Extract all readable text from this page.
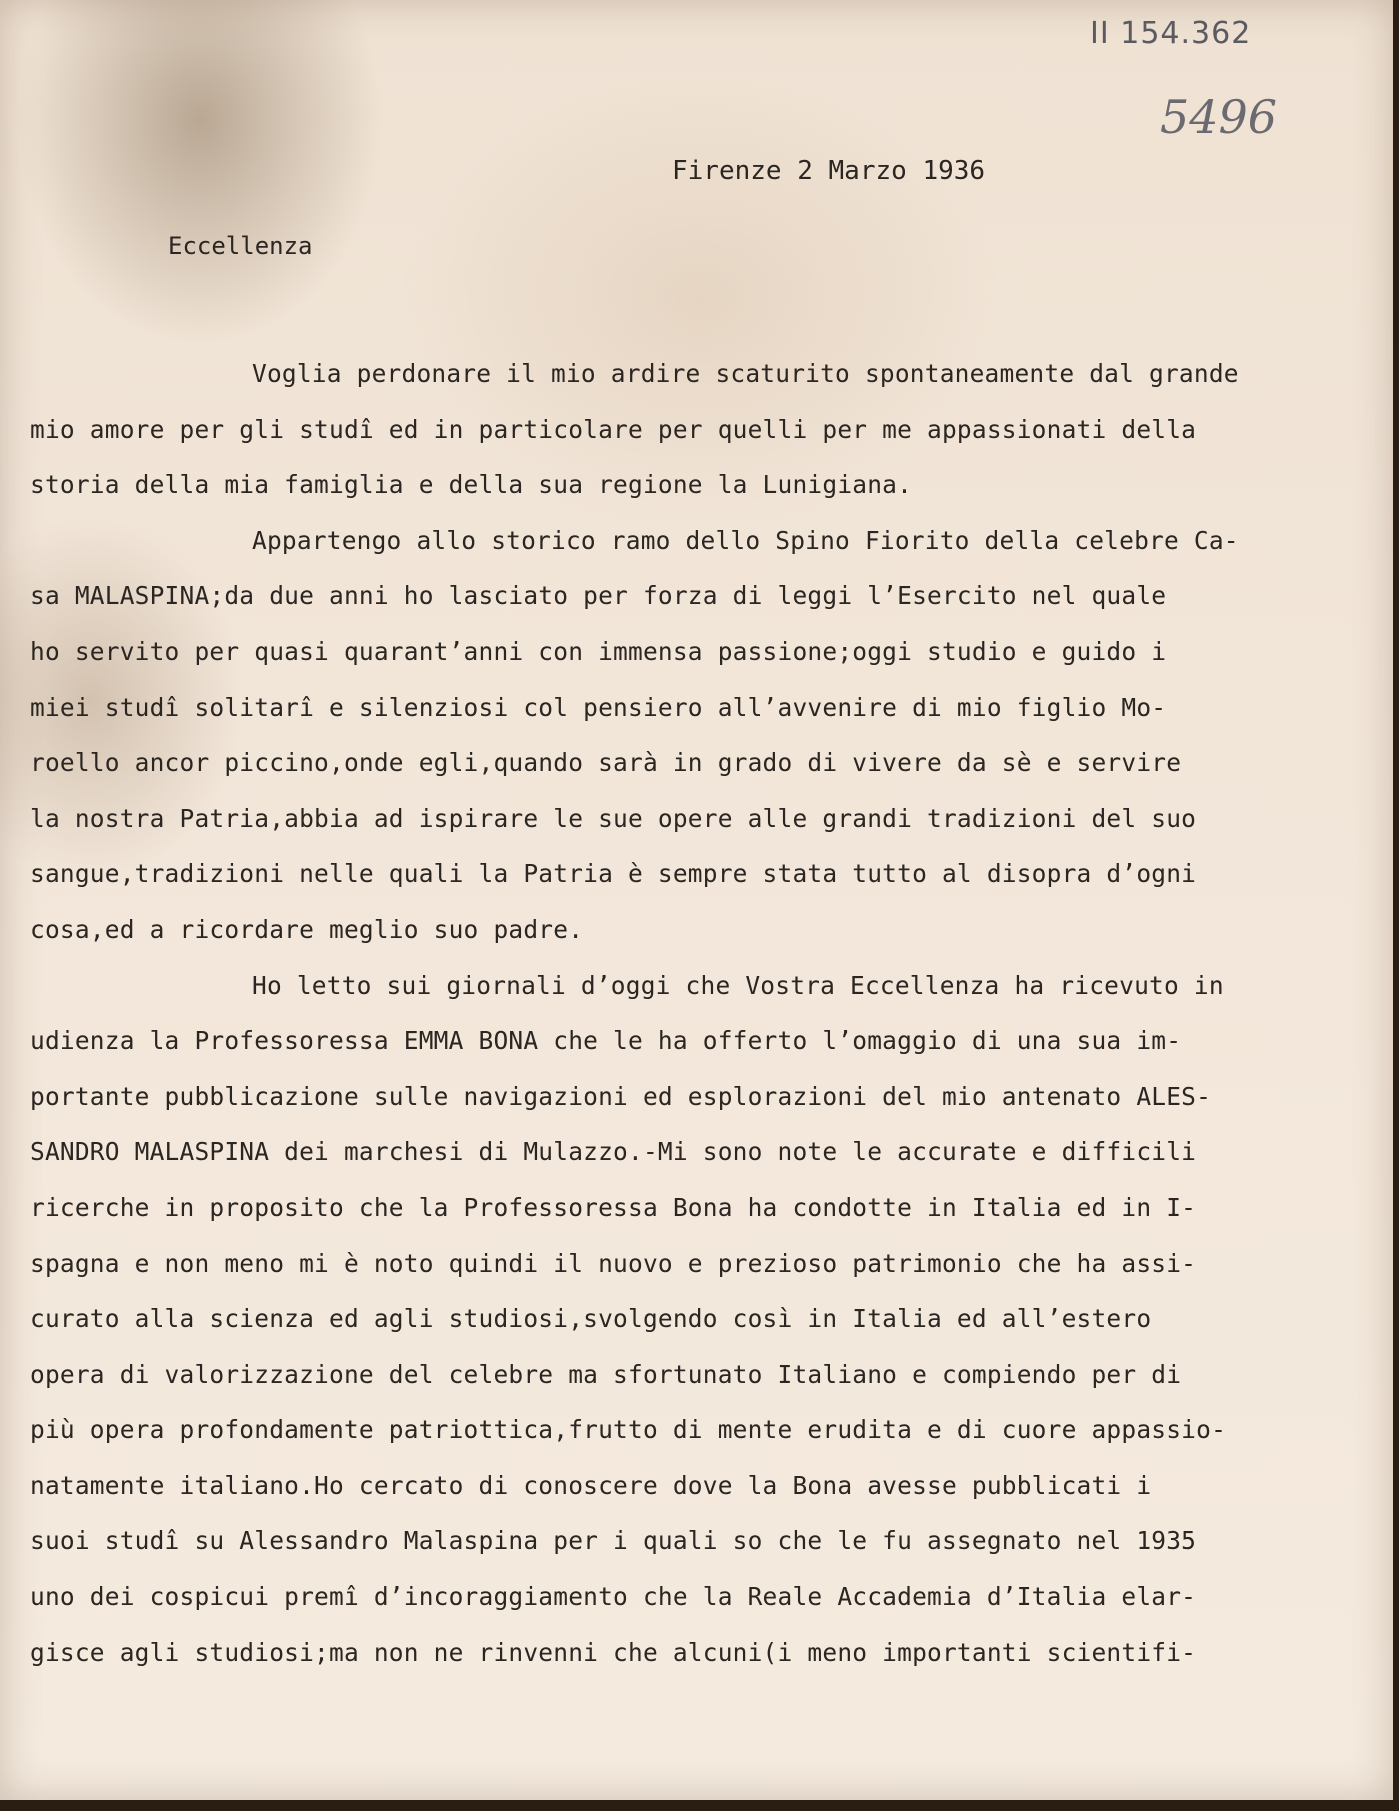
II 154.362
5496
Firenze 2 Marzo 1936
Eccellenza
Voglia perdonare il mio ardire scaturito spontaneamente dal grande
mio amore per gli studî ed in particolare per quelli per me appassionati della
storia della mia famiglia e della sua regione la Lunigiana.
Appartengo allo storico ramo dello Spino Fiorito della celebre Ca-
sa MALASPINA;da due anni ho lasciato per forza di leggi l’Esercito nel quale
ho servito per quasi quarant’anni con immensa passione;oggi studio e guido i
miei studî solitarî e silenziosi col pensiero all’avvenire di mio figlio Mo-
roello ancor piccino,onde egli,quando sarà in grado di vivere da sè e servire
la nostra Patria,abbia ad ispirare le sue opere alle grandi tradizioni del suo
sangue,tradizioni nelle quali la Patria è sempre stata tutto al disopra d’ogni
cosa,ed a ricordare meglio suo padre.
Ho letto sui giornali d’oggi che Vostra Eccellenza ha ricevuto in
udienza la Professoressa EMMA BONA che le ha offerto l’omaggio di una sua im-
portante pubblicazione sulle navigazioni ed esplorazioni del mio antenato ALES-
SANDRO MALASPINA dei marchesi di Mulazzo.-Mi sono note le accurate e difficili
ricerche in proposito che la Professoressa Bona ha condotte in Italia ed in I-
spagna e non meno mi è noto quindi il nuovo e prezioso patrimonio che ha assi-
curato alla scienza ed agli studiosi,svolgendo così in Italia ed all’estero
opera di valorizzazione del celebre ma sfortunato Italiano e compiendo per di
più opera profondamente patriottica,frutto di mente erudita e di cuore appassio-
natamente italiano.Ho cercato di conoscere dove la Bona avesse pubblicati i
suoi studî su Alessandro Malaspina per i quali so che le fu assegnato nel 1935
uno dei cospicui premî d’incoraggiamento che la Reale Accademia d’Italia elar-
gisce agli studiosi;ma non ne rinvenni che alcuni(i meno importanti scientifi-
